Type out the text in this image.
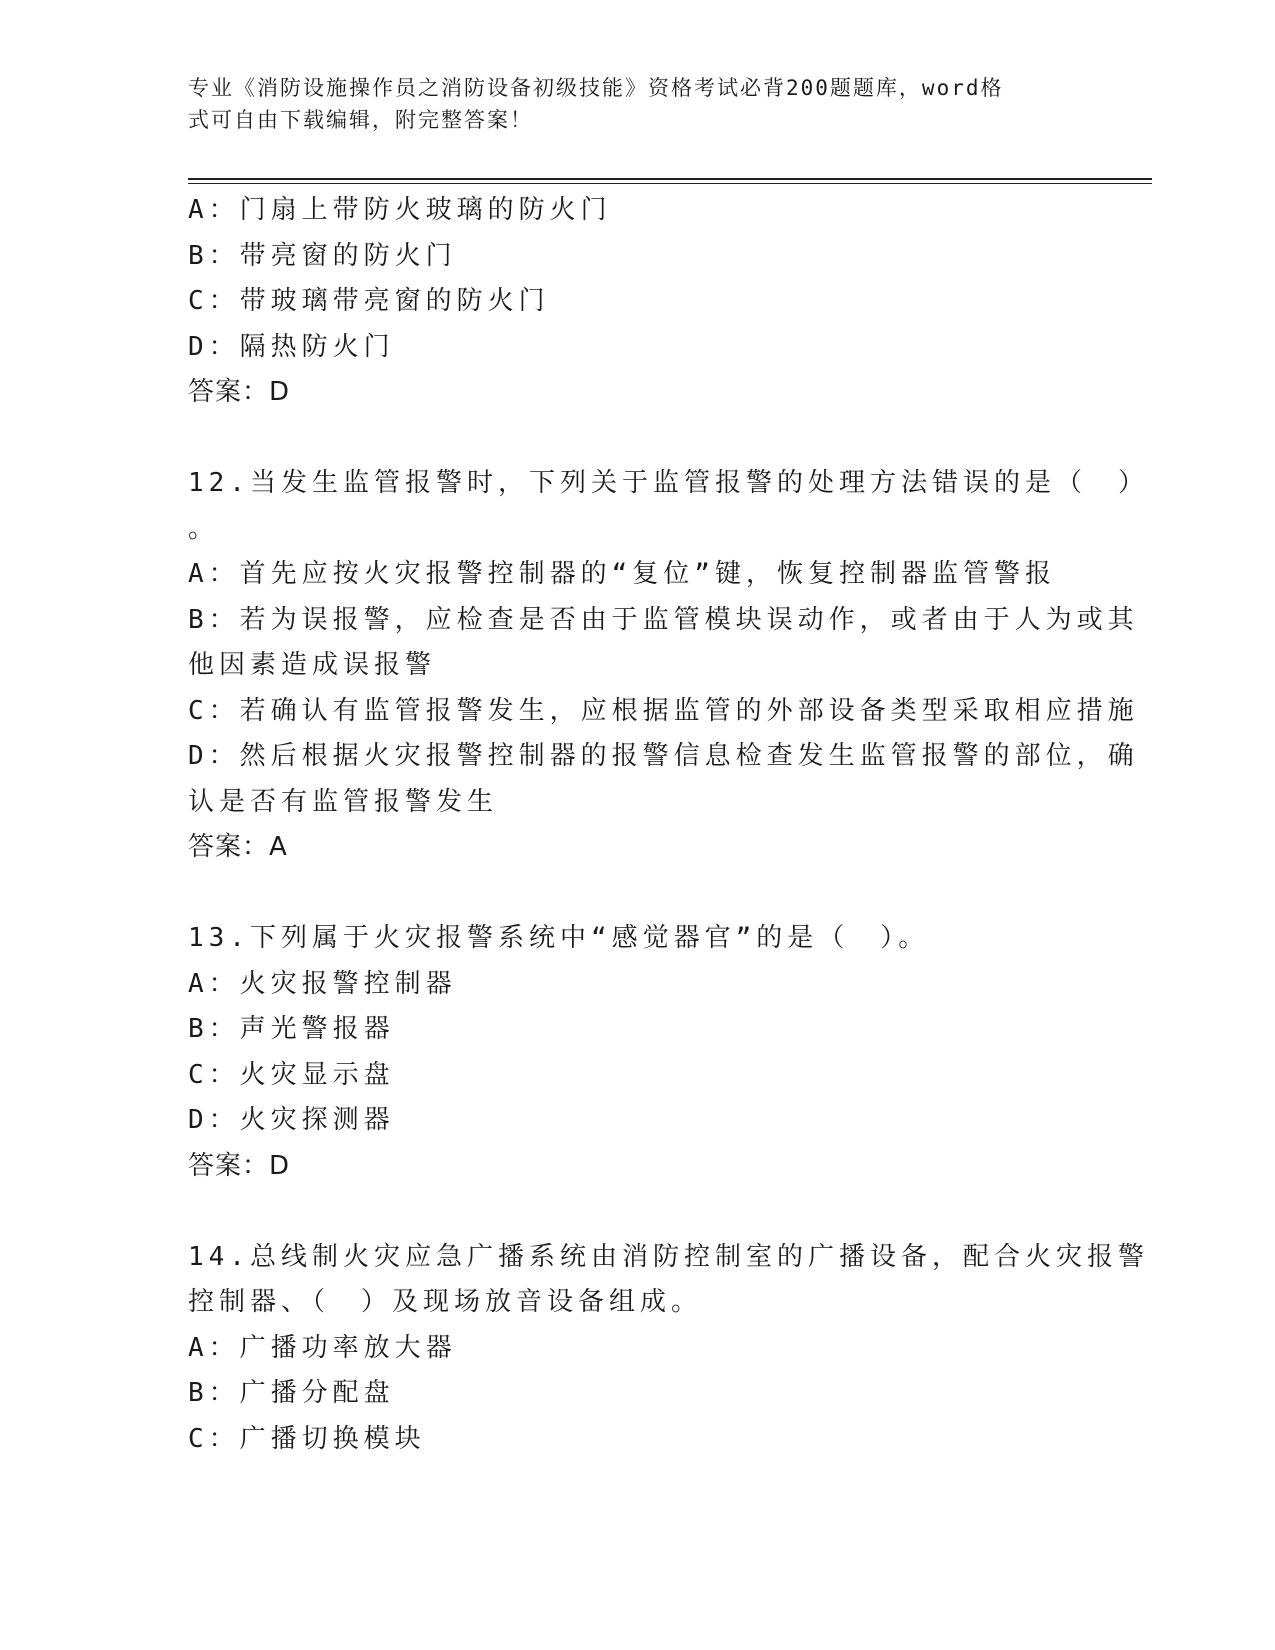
专业《消防设施操作员之消防设备初级技能》资格考试必背200题题库，word格
式可自由下载编辑，附完整答案！
A：门扇上带防火玻璃的防火门
B：带亮窗的防火门
C：带玻璃带亮窗的防火门
D：隔热防火门
答案：D
12.当发生监管报警时，下列关于监管报警的处理方法错误的是（　）
。
A：首先应按火灾报警控制器的“复位”键，恢复控制器监管警报
B：若为误报警，应检查是否由于监管模块误动作，或者由于人为或其
他因素造成误报警
C：若确认有监管报警发生，应根据监管的外部设备类型采取相应措施
D：然后根据火灾报警控制器的报警信息检查发生监管报警的部位，确
认是否有监管报警发生
答案：A
13.下列属于火灾报警系统中“感觉器官”的是（　）。
A：火灾报警控制器
B：声光警报器
C：火灾显示盘
D：火灾探测器
答案：D
14.总线制火灾应急广播系统由消防控制室的广播设备，配合火灾报警
控制器、（　）及现场放音设备组成。
A：广播功率放大器
B：广播分配盘
C：广播切换模块
